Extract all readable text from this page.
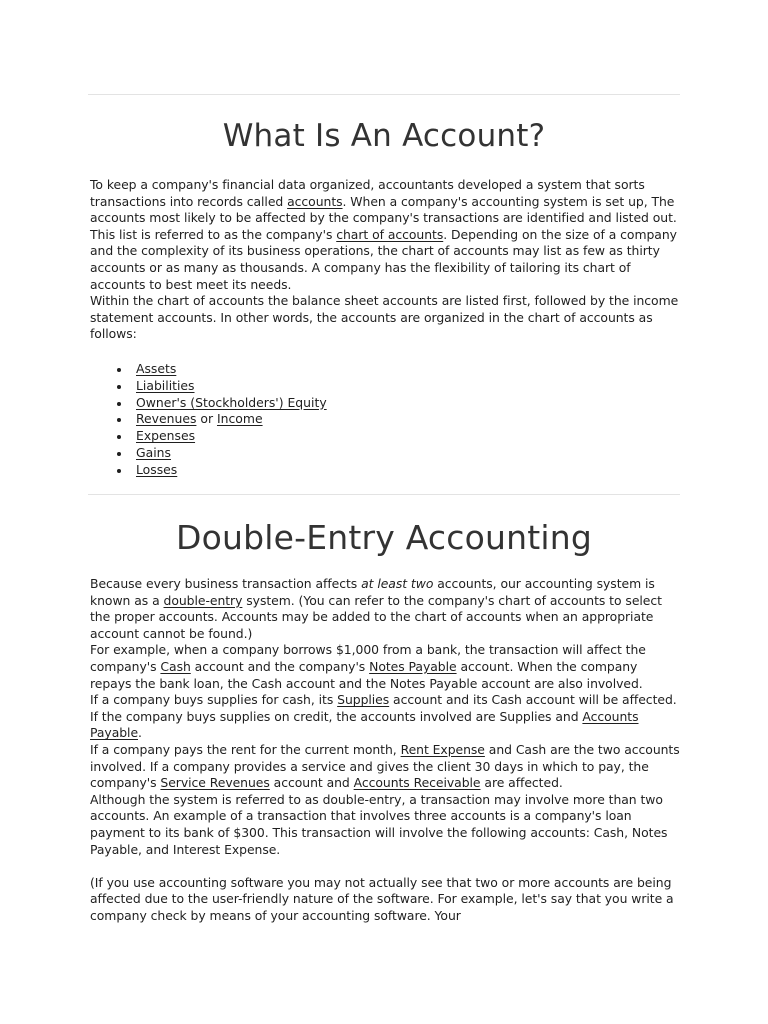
What Is An Account?

To keep a company's financial data organized, accountants developed a system that sorts transactions into records called accounts. When a company's accounting system is set up, The accounts most likely to be affected by the company's transactions are identified and listed out. This list is referred to as the company's chart of accounts. Depending on the size of a company and the complexity of its business operations, the chart of accounts may list as few as thirty accounts or as many as thousands. A company has the flexibility of tailoring its chart of accounts to best meet its needs.

Within the chart of accounts the balance sheet accounts are listed first, followed by the income statement accounts. In other words, the accounts are organized in the chart of accounts as follows:

Assets
Liabilities
Owner's (Stockholders') Equity
Revenues or Income
Expenses
Gains
Losses
Double-Entry Accounting

Because every business transaction affects at least two accounts, our accounting system is known as a double-entry system. (You can refer to the company's chart of accounts to select the proper accounts. Accounts may be added to the chart of accounts when an appropriate account cannot be found.)

For example, when a company borrows $1,000 from a bank, the transaction will affect the company's Cash account and the company's Notes Payable account. When the company repays the bank loan, the Cash account and the Notes Payable account are also involved.

If a company buys supplies for cash, its Supplies account and its Cash account will be affected. If the company buys supplies on credit, the accounts involved are Supplies and Accounts Payable.

If a company pays the rent for the current month, Rent Expense and Cash are the two accounts involved. If a company provides a service and gives the client 30 days in which to pay, the company's Service Revenues account and Accounts Receivable are affected.

Although the system is referred to as double-entry, a transaction may involve more than two accounts. An example of a transaction that involves three accounts is a company's loan payment to its bank of $300. This transaction will involve the following accounts: Cash, Notes Payable, and Interest Expense.

(If you use accounting software you may not actually see that two or more accounts are being affected due to the user-friendly nature of the software. For example, let's say that you write a company check by means of your accounting software. Your
